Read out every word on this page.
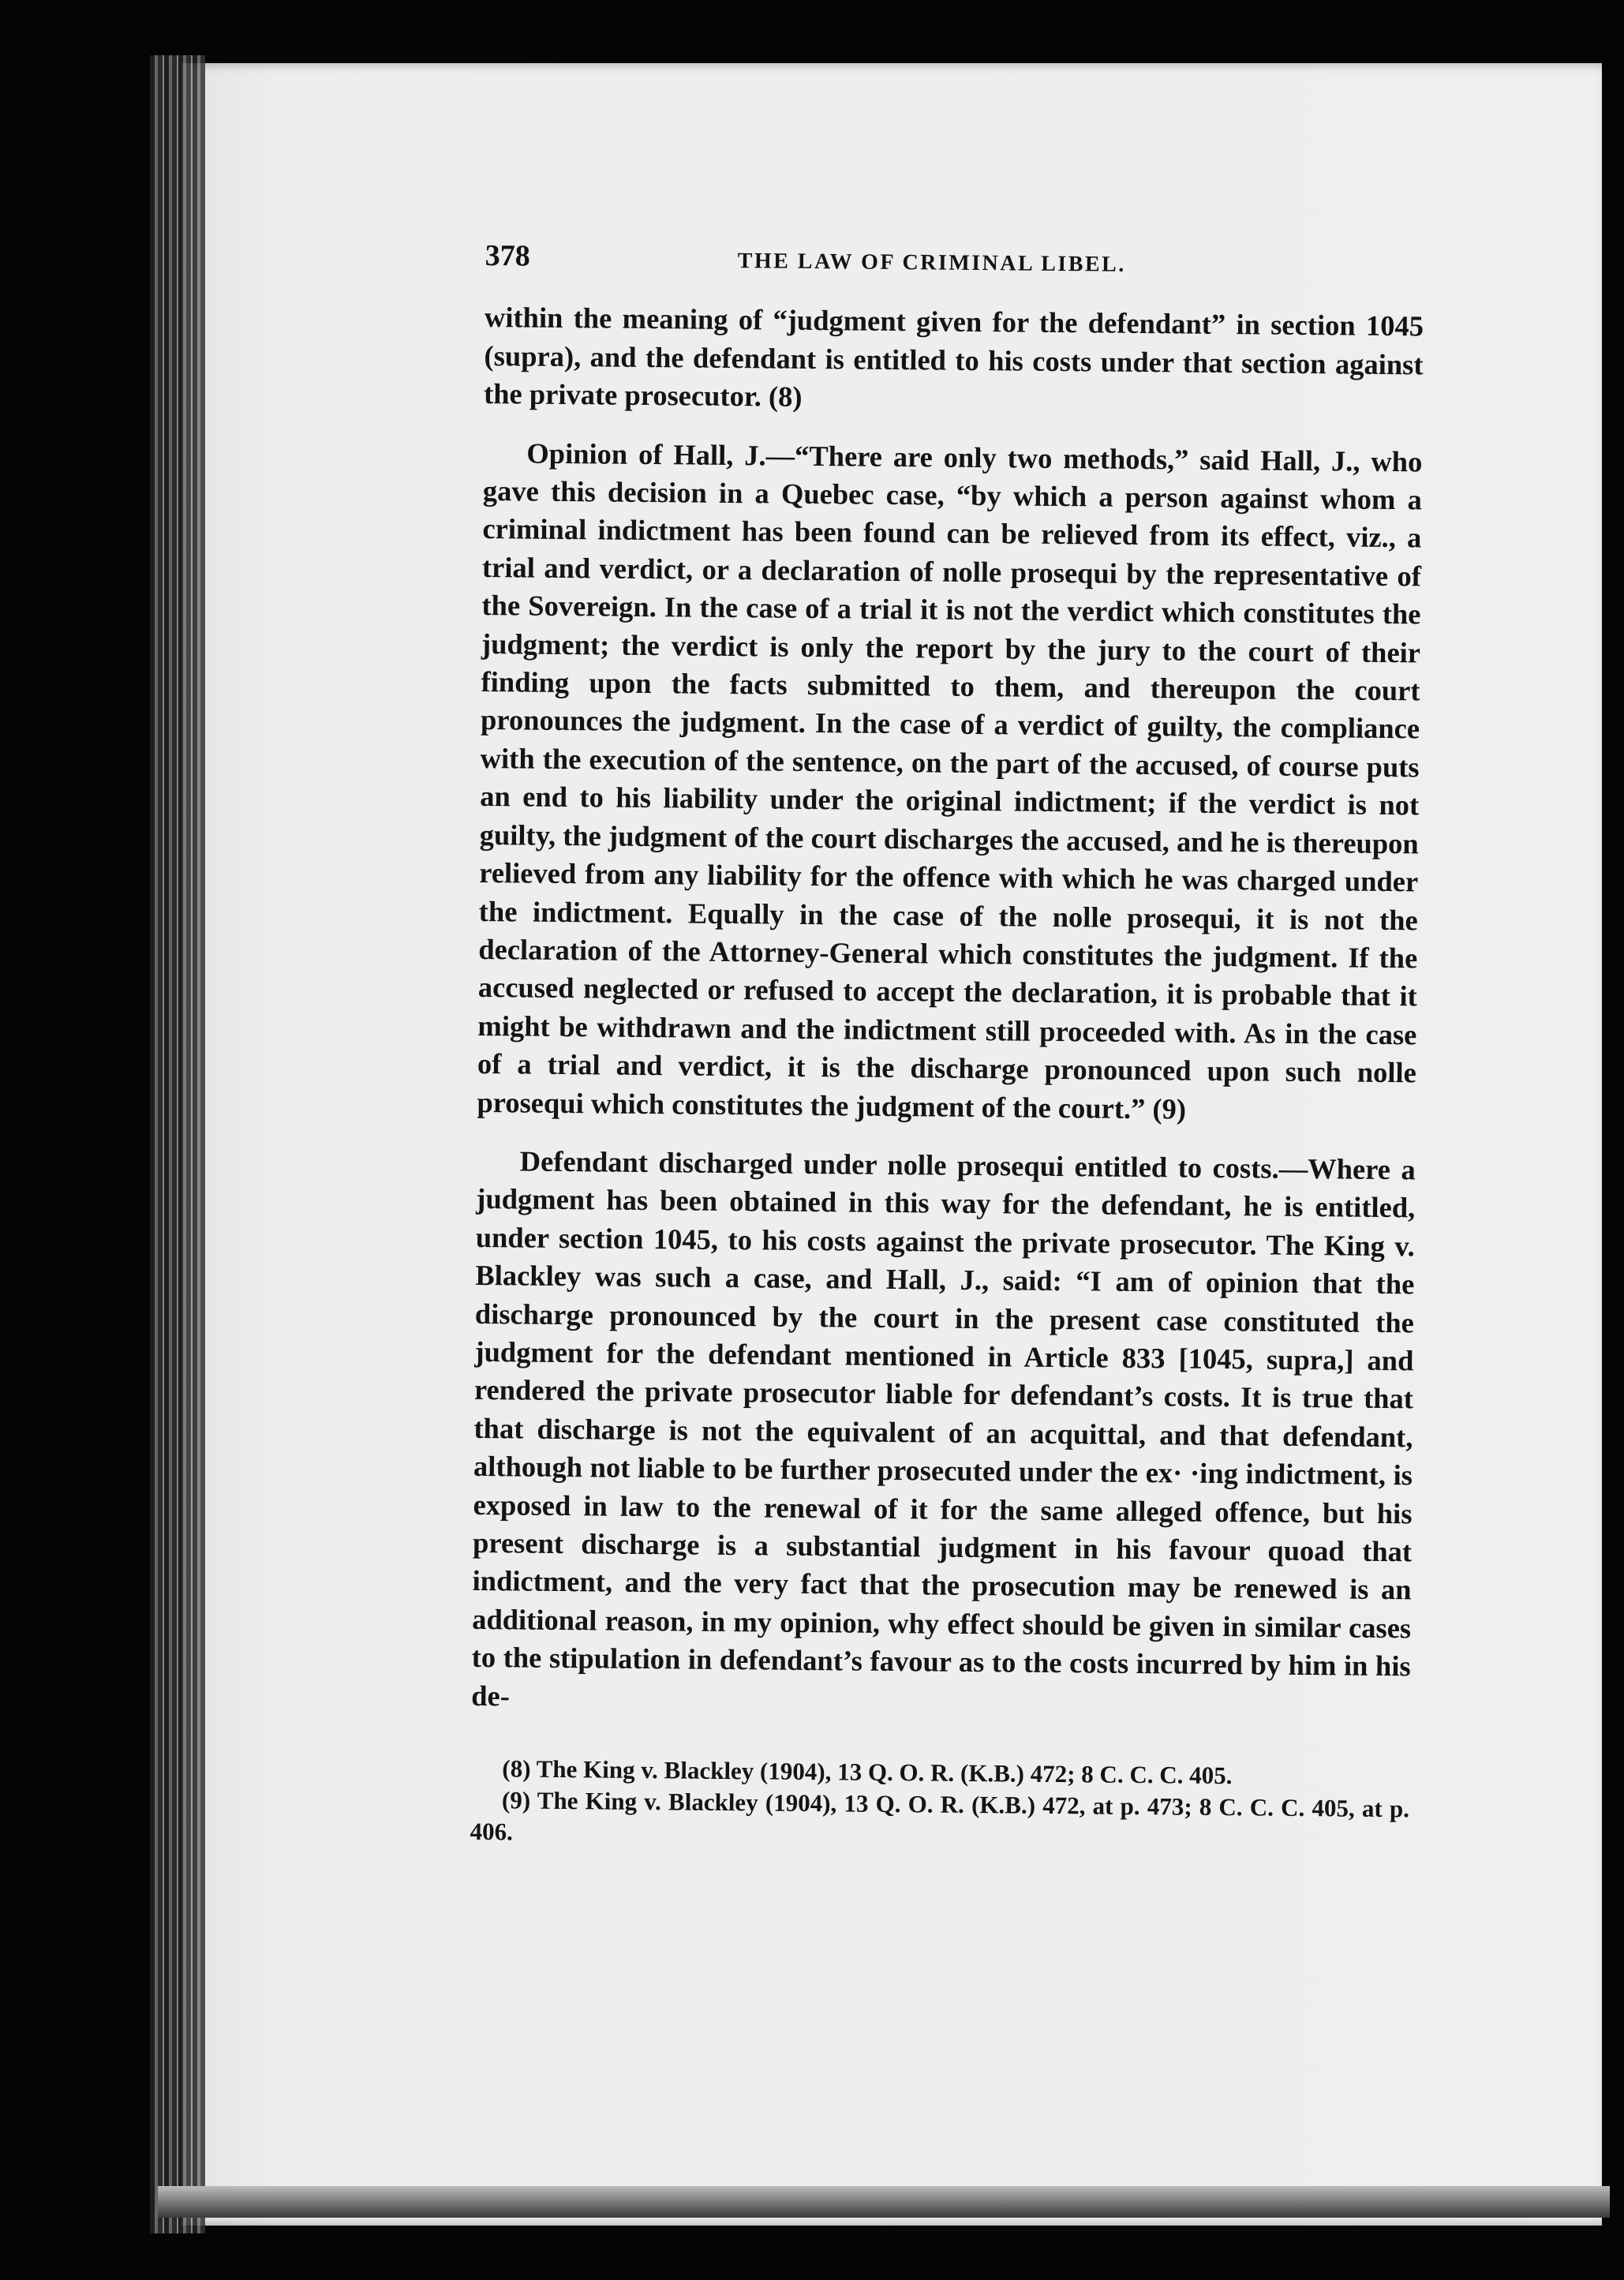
378	THE LAW OF CRIMINAL LIBEL.

within the meaning of “judgment given for the defendant” in section 1045 (supra), and the defendant is entitled to his costs under that section against the private prosecutor. (8)

Opinion of Hall, J.—“There are only two methods,” said Hall, J., who gave this decision in a Quebec case, “by which a person against whom a criminal indictment has been found can be relieved from its effect, viz., a trial and verdict, or a declaration of nolle prosequi by the representative of the Sovereign. In the case of a trial it is not the verdict which constitutes the judgment; the verdict is only the report by the jury to the court of their finding upon the facts submitted to them, and thereupon the court pronounces the judgment. In the case of a verdict of guilty, the compliance with the execution of the sentence, on the part of the accused, of course puts an end to his liability under the original indictment; if the verdict is not guilty, the judgment of the court discharges the accused, and he is thereupon relieved from any liability for the offence with which he was charged under the indictment. Equally in the case of the nolle prosequi, it is not the declaration of the Attorney-General which constitutes the judgment. If the accused neglected or refused to accept the declaration, it is probable that it might be withdrawn and the indictment still proceeded with. As in the case of a trial and verdict, it is the discharge pronounced upon such nolle prosequi which constitutes the judgment of the court.” (9)

Defendant discharged under nolle prosequi entitled to costs.—Where a judgment has been obtained in this way for the defendant, he is entitled, under section 1045, to his costs against the private prosecutor. The King v. Blackley was such a case, and Hall, J., said: “I am of opinion that the discharge pronounced by the court in the present case constituted the judgment for the defendant mentioned in Article 833 [1045, supra,] and rendered the private prosecutor liable for defendant’s costs. It is true that that discharge is not the equivalent of an acquittal, and that defendant, although not liable to be further prosecuted under the ex· ·ing indictment, is exposed in law to the renewal of it for the same alleged offence, but his present discharge is a substantial judgment in his favour quoad that indictment, and the very fact that the prosecution may be renewed is an additional reason, in my opinion, why effect should be given in similar cases to the stipulation in defendant’s favour as to the costs incurred by him in his de-

(8) The King v. Blackley (1904), 13 Q. O. R. (K.B.) 472; 8 C. C. C. 405.

(9) The King v. Blackley (1904), 13 Q. O. R. (K.B.) 472, at p. 473; 8 C. C. C. 405, at p. 406.
